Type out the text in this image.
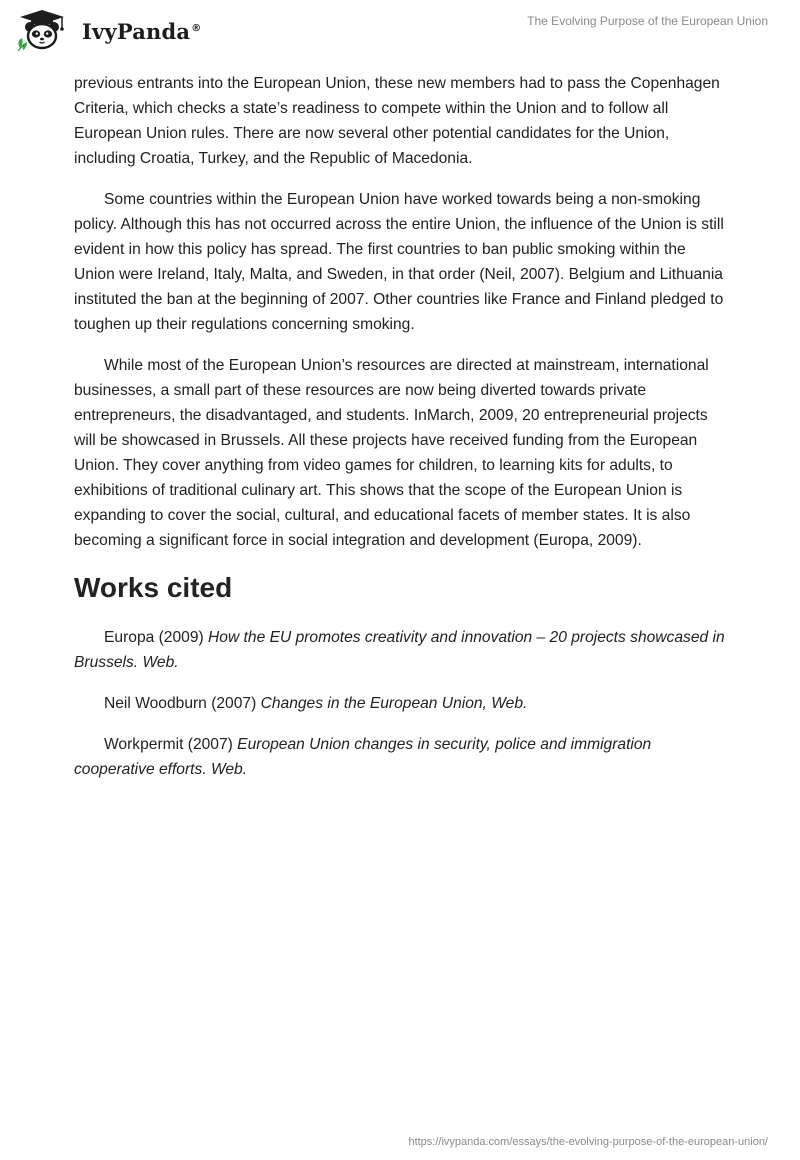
IvyPanda®	The Evolving Purpose of the European Union

previous entrants into the European Union, these new members had to pass the Copenhagen Criteria, which checks a state’s readiness to compete within the Union and to follow all European Union rules. There are now several other potential candidates for the Union, including Croatia, Turkey, and the Republic of Macedonia.

Some countries within the European Union have worked towards being a non-smoking policy. Although this has not occurred across the entire Union, the influence of the Union is still evident in how this policy has spread. The first countries to ban public smoking within the Union were Ireland, Italy, Malta, and Sweden, in that order (Neil, 2007). Belgium and Lithuania instituted the ban at the beginning of 2007. Other countries like France and Finland pledged to toughen up their regulations concerning smoking.

While most of the European Union’s resources are directed at mainstream, international businesses, a small part of these resources are now being diverted towards private entrepreneurs, the disadvantaged, and students. InMarch, 2009, 20 entrepreneurial projects will be showcased in Brussels. All these projects have received funding from the European Union. They cover anything from video games for children, to learning kits for adults, to exhibitions of traditional culinary art. This shows that the scope of the European Union is expanding to cover the social, cultural, and educational facets of member states. It is also becoming a significant force in social integration and development (Europa, 2009).

Works cited

Europa (2009) How the EU promotes creativity and innovation – 20 projects showcased in Brussels. Web.

Neil Woodburn (2007) Changes in the European Union, Web.

Workpermit (2007) European Union changes in security, police and immigration cooperative efforts. Web.

https://ivypanda.com/essays/the-evolving-purpose-of-the-european-union/
